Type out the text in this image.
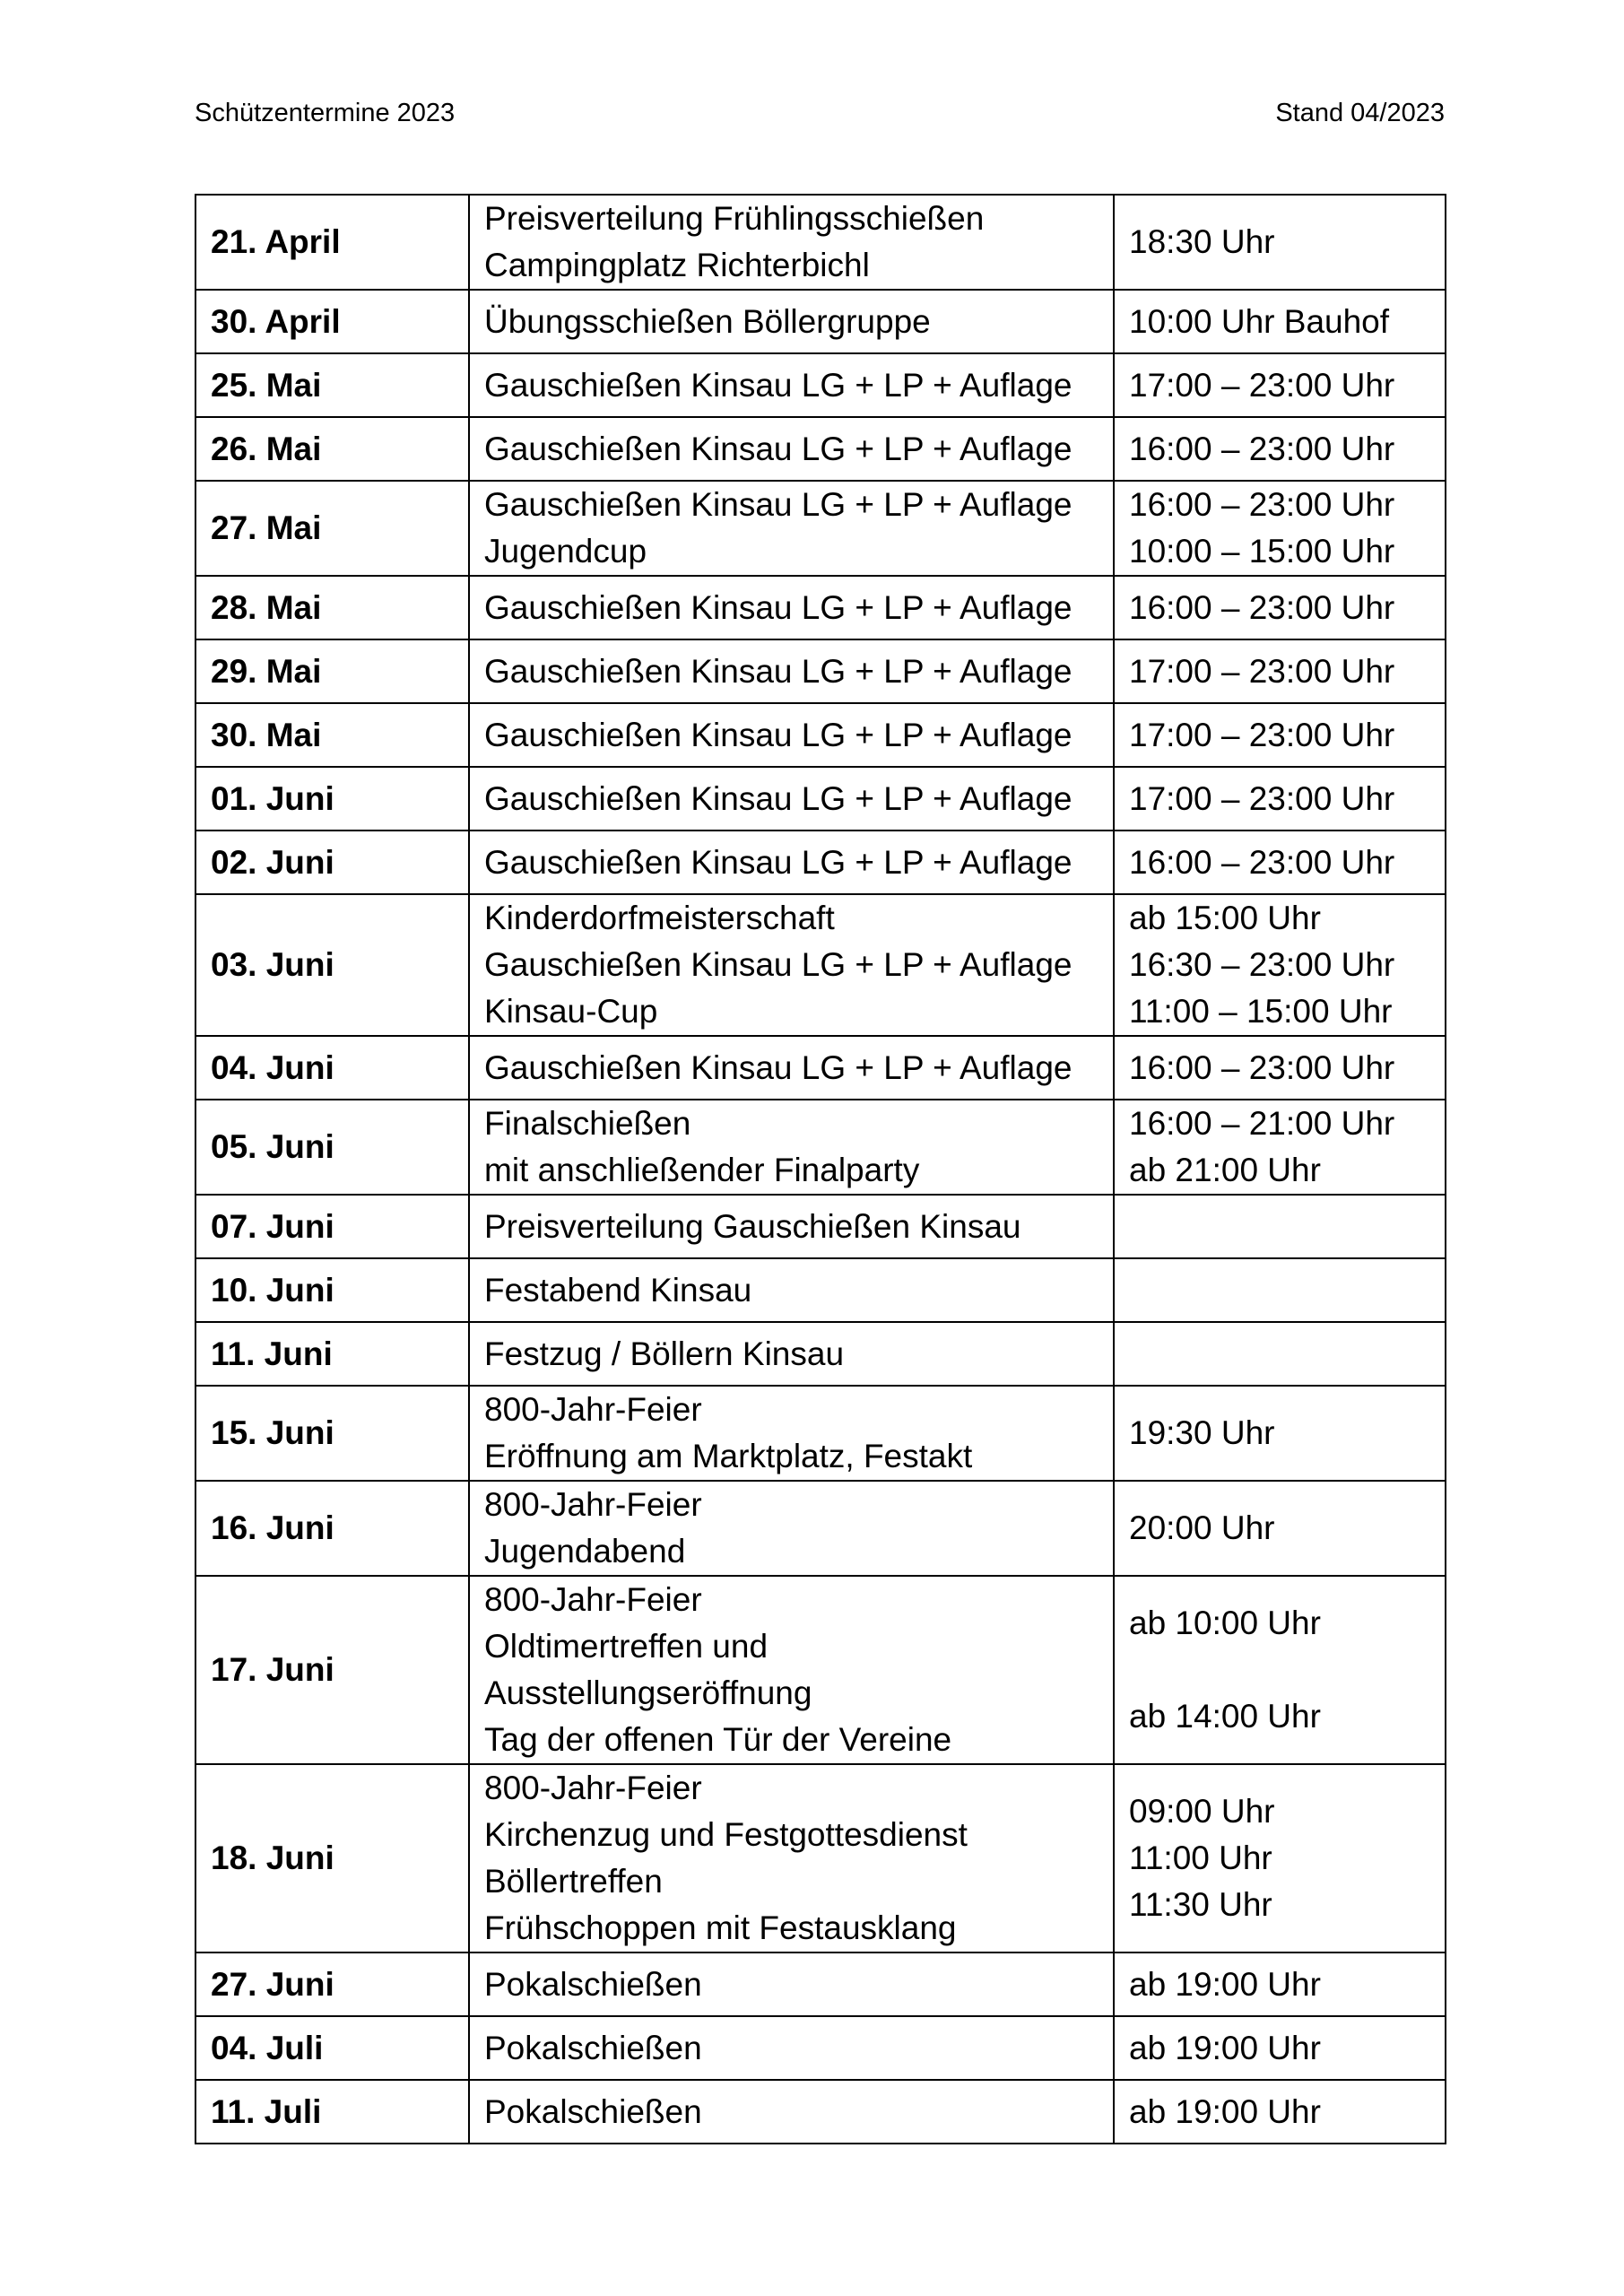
Schützentermine 2023	Stand 04/2023
21. April	Preisverteilung Frühlingsschießen
Campingplatz Richterbichl	18:30 Uhr

30. April	Übungsschießen Böllergruppe	10:00 Uhr Bauhof

25. Mai	Gauschießen Kinsau LG + LP + Auflage	17:00 – 23:00 Uhr

26. Mai	Gauschießen Kinsau LG + LP + Auflage	16:00 – 23:00 Uhr

27. Mai	Gauschießen Kinsau LG + LP + Auflage
Jugendcup	16:00 – 23:00 Uhr
10:00 – 15:00 Uhr

28. Mai	Gauschießen Kinsau LG + LP + Auflage	16:00 – 23:00 Uhr

29. Mai	Gauschießen Kinsau LG + LP + Auflage	17:00 – 23:00 Uhr

30. Mai	Gauschießen Kinsau LG + LP + Auflage	17:00 – 23:00 Uhr

01. Juni	Gauschießen Kinsau LG + LP + Auflage	17:00 – 23:00 Uhr

02. Juni	Gauschießen Kinsau LG + LP + Auflage	16:00 – 23:00 Uhr

03. Juni	Kinderdorfmeisterschaft
Gauschießen Kinsau LG + LP + Auflage
Kinsau-Cup	ab 15:00 Uhr
16:30 – 23:00 Uhr
11:00 – 15:00 Uhr

04. Juni	Gauschießen Kinsau LG + LP + Auflage	16:00 – 23:00 Uhr

05. Juni	Finalschießen
mit anschließender Finalparty	16:00 – 21:00 Uhr
ab 21:00 Uhr

07. Juni	Preisverteilung Gauschießen Kinsau	

10. Juni	Festabend Kinsau	

11. Juni	Festzug / Böllern Kinsau	

15. Juni	800-Jahr-Feier
Eröffnung am Marktplatz, Festakt	19:30 Uhr

16. Juni	800-Jahr-Feier
Jugendabend	20:00 Uhr

17. Juni	800-Jahr-Feier
Oldtimertreffen und
Ausstellungseröffnung
Tag der offenen Tür der Vereine	ab 10:00 Uhr
ab 14:00 Uhr

18. Juni	800-Jahr-Feier
Kirchenzug und Festgottesdienst
Böllertreffen
Frühschoppen mit Festausklang	09:00 Uhr
11:00 Uhr
11:30 Uhr

27. Juni	Pokalschießen	ab 19:00 Uhr

04. Juli	Pokalschießen	ab 19:00 Uhr

11. Juli	Pokalschießen	ab 19:00 Uhr
